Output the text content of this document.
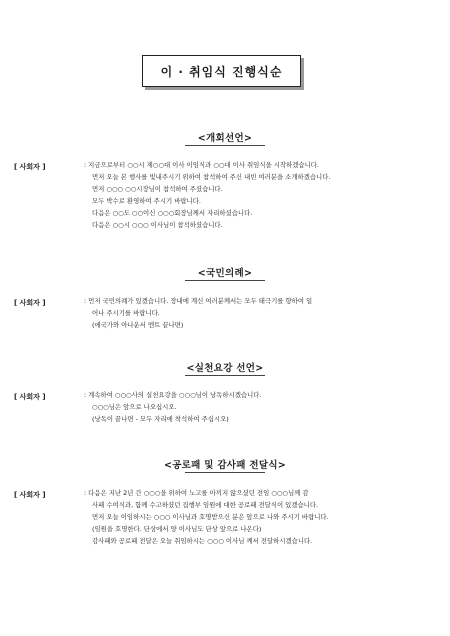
이 · 취임식 진행식순
<개회선언>
[ 사회자 ]	: 지금으로부터 ○○시 제○○대 이사 이임식과 ○○대 이사 취임식을 시작하겠습니다.
먼저 오늘 본 행사를 빛내주시기 위하여 참석하여 주신 내빈 여러분을 소개하겠습니다.
먼저 ○○○ ○○시장님이 참석하여 주셨습니다.
모두 박수로 환영하여 주시기 바랍니다.
다음은 ○○도 ○○이신 ○○○회장님께서 자리하셨습니다.
다음은 ○○시 ○○○ 이사님이 참석하셨습니다.
<국민의례>
[ 사회자 ]	: 먼저 국민의례가 있겠습니다. 장내에 계신 여러분께서는 모두 태극기를 향하여 일
어나 주시기를 바랍니다.
(애국가와 아나운서 멘트 끝나면)
<실천요강 선언>
[ 사회자 ]	: 계속하여 ○○○사의 실천요강을 ○○○님이 낭독하시겠습니다.
○○○님은 앞으로 나오십시오.
(낭독이 끝나면 - 모두 자리에 착석하여 주십시오)
<공로패 및 감사패 전달식>
[ 사회자 ]	: 다음은 지난 2년 간 ○○○을 위하여 노고를 아끼지 않으셨던 전임 ○○○님께 감
사패 수여식과, 함께 수고하셨던 집행부 임원에 대한 공로패 전달식이 있겠습니다.
먼저 오늘 이임하시는 ○○○ 이사님과 호명받으신 분은 앞으로 나와 주시기 바랍니다.
(임원을 호명한다. 단상에서 양 이사님도 단상 앞으로 나온다)
감사패와 공로패 전달은 오늘 취임하시는 ○○○ 이사님 께서 전달하시겠습니다.
